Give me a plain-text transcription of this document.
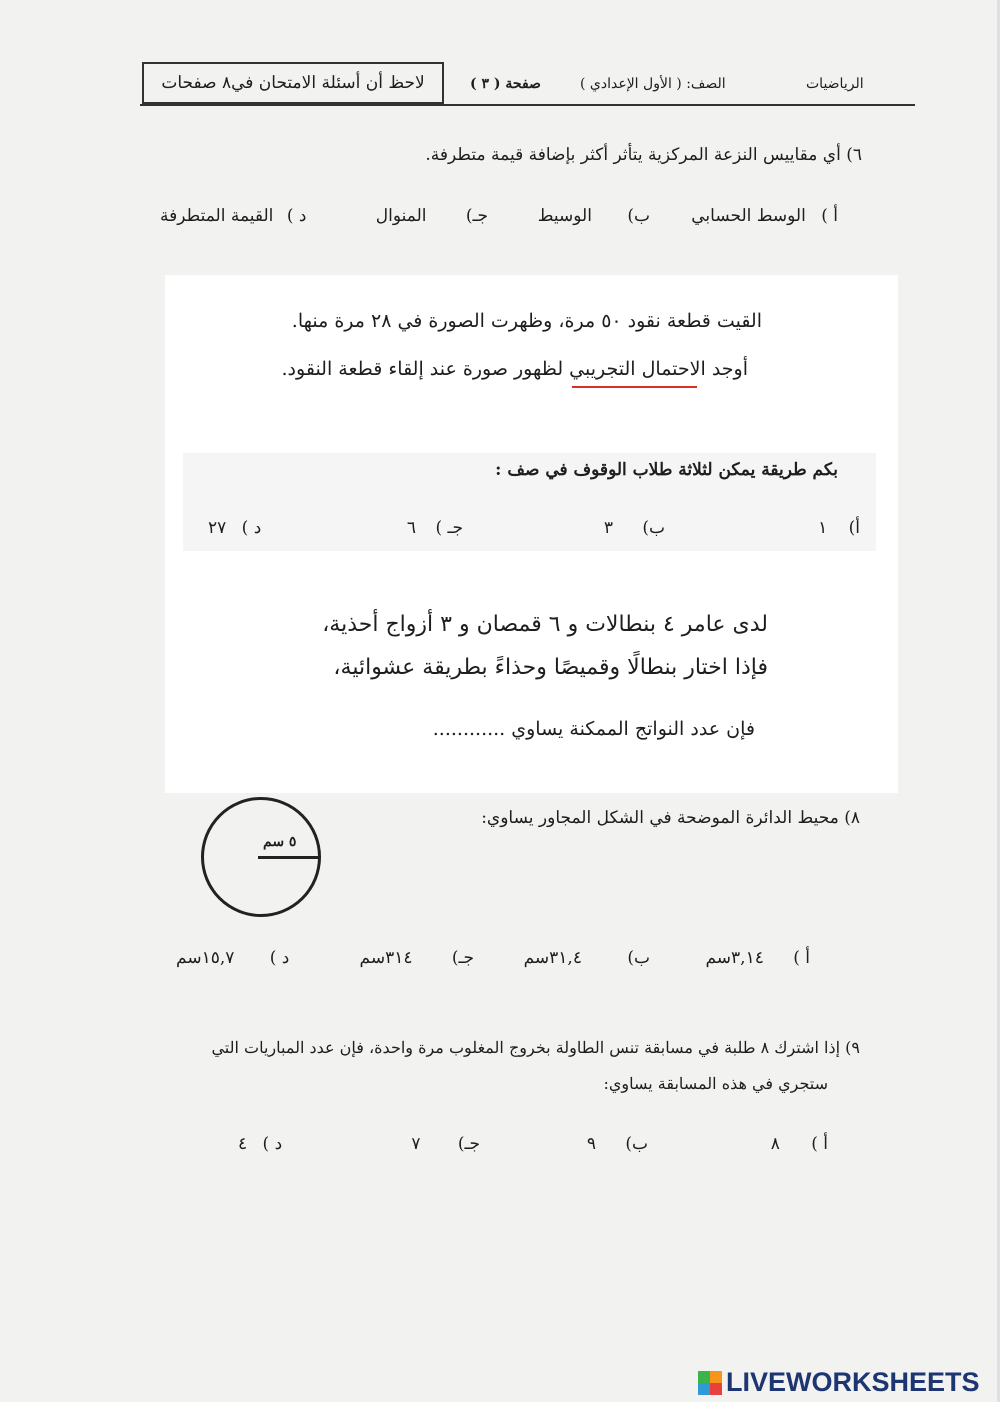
لاحظ أن أسئلة الامتحان في٨ صفحات	صفحة ( ٣ )	الصف: ( الأول الإعدادي )	الرياضيات
٦) أي مقاييس النزعة المركزية يتأثر أكثر بإضافة قيمة متطرفة.
أ ) الوسط الحسابي
ب) الوسيط
جـ) المنوال
د ) القيمة المتطرفة
القيت قطعة نقود ٥٠ مرة، وظهرت الصورة في ٢٨ مرة منها.
أوجد الاحتمال التجريبي لظهور صورة عند إلقاء قطعة النقود.
بكم طريقة يمكن لثلاثة طلاب الوقوف في صف :
أ) ١
ب) ٣
جـ ) ٦
د ) ٢٧
لدى عامر ٤ بنطالات و ٦ قمصان و ٣ أزواج أحذية،
فإذا اختار بنطالًا وقميصًا وحذاءً بطريقة عشوائية،
فإن عدد النواتج الممكنة يساوي ............
٨) محيط الدائرة الموضحة في الشكل المجاور يساوي:
٥ سم
أ ) ٣,١٤سم
ب) ٣١,٤سم
جـ) ٣١٤سم
د ) ١٥,٧سم
٩) إذا اشترك ٨ طلبة في مسابقة تنس الطاولة بخروج المغلوب مرة واحدة، فإن عدد المباريات التي
ستجري في هذه المسابقة يساوي:
أ ) ٨
ب) ٩
جـ) ٧
د ) ٤
LIVEWORKSHEETS
